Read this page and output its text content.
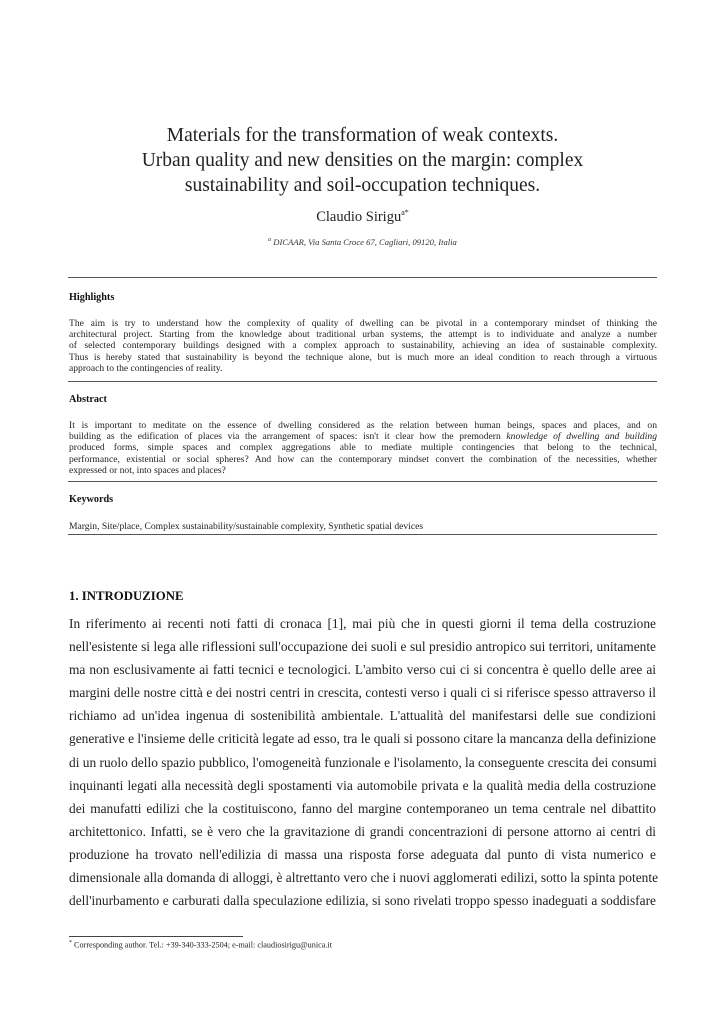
Materials for the transformation of weak contexts.
Urban quality and new densities on the margin: complex
sustainability and soil-occupation techniques.
Claudio Sirigu$^{a*}$
$^a$ DICAAR, Via Santa Croce 67, Cagliari, 09120, Italia
Highlights
The aim is try to understand how the complexity of quality of dwelling can be pivotal in a contemporary mindset of thinking the
architectural project. Starting from the knowledge about traditional urban systems, the attempt is to individuate and analyze a number
of selected contemporary buildings designed with a complex approach to sustainability, achieving an idea of sustainable complexity.
Thus is hereby stated that sustainability is beyond the technique alone, but is much more an ideal condition to reach through a virtuous
approach to the contingencies of reality.
Abstract
It is important to meditate on the essence of dwelling considered as the relation between human beings, spaces and places, and on
building as the edification of places via the arrangement of spaces: isn't it clear how the premodern knowledge of dwelling and building
produced forms, simple spaces and complex aggregations able to mediate multiple contingencies that belong to the technical,
performance, existential or social spheres? And how can the contemporary mindset convert the combination of the necessities, whether
expressed or not, into spaces and places?
Keywords
Margin, Site/place, Complex sustainability/sustainable complexity, Synthetic spatial devices
1. INTRODUZIONE
In riferimento ai recenti noti fatti di cronaca [1], mai più che in questi giorni il tema della costruzione
nell'esistente si lega alle riflessioni sull'occupazione dei suoli e sul presidio antropico sui territori, unitamente
ma non esclusivamente ai fatti tecnici e tecnologici. L'ambito verso cui ci si concentra è quello delle aree ai
margini delle nostre città e dei nostri centri in crescita, contesti verso i quali ci si riferisce spesso attraverso il
richiamo ad un'idea ingenua di sostenibilità ambientale. L'attualità del manifestarsi delle sue condizioni
generative e l'insieme delle criticità legate ad esso, tra le quali si possono citare la mancanza della definizione
di un ruolo dello spazio pubblico, l'omogeneità funzionale e l'isolamento, la conseguente crescita dei consumi
inquinanti legati alla necessità degli spostamenti via automobile privata e la qualità media della costruzione
dei manufatti edilizi che la costituiscono, fanno del margine contemporaneo un tema centrale nel dibattito
architettonico. Infatti, se è vero che la gravitazione di grandi concentrazioni di persone attorno ai centri di
produzione ha trovato nell'edilizia di massa una risposta forse adeguata dal punto di vista numerico e
dimensionale alla domanda di alloggi, è altrettanto vero che i nuovi agglomerati edilizi, sotto la spinta potente
dell'inurbamento e carburati dalla speculazione edilizia, si sono rivelati troppo spesso inadeguati a soddisfare
* Corresponding author. Tel.: +39-340-333-2504; e-mail: claudiosirigu@unica.it
